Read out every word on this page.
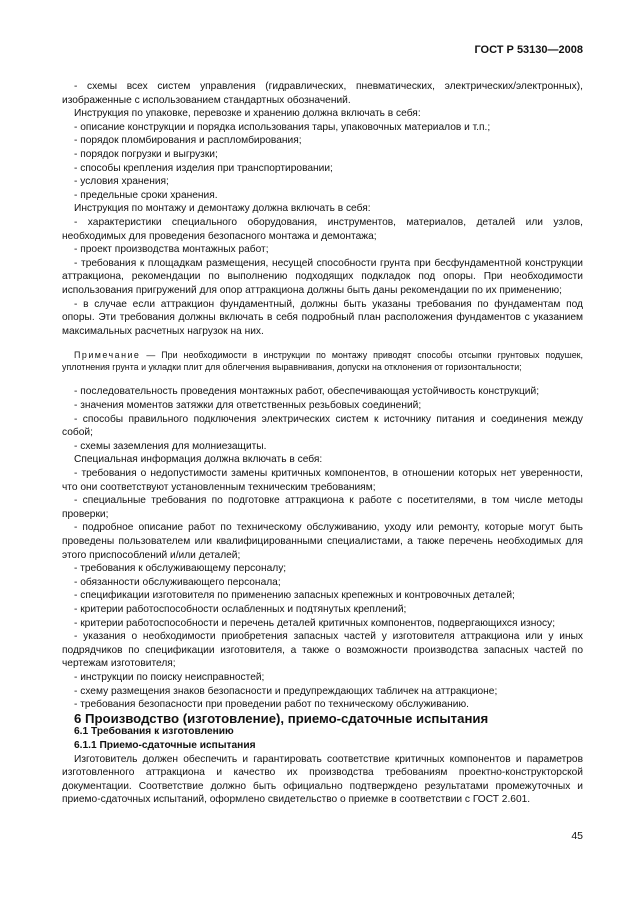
ГОСТ Р 53130—2008

- схемы всех систем управления (гидравлических, пневматических, электрических/электронных), изображенные с использованием стандартных обозначений.

Инструкция по упаковке, перевозке и хранению должна включать в себя:

- описание конструкции и порядка использования тары, упаковочных материалов и т.п.;

- порядок пломбирования и распломбирования;

- порядок погрузки и выгрузки;

- способы крепления изделия при транспортировании;

- условия хранения;

- предельные сроки хранения.

Инструкция по монтажу и демонтажу должна включать в себя:

- характеристики специального оборудования, инструментов, материалов, деталей или узлов, необходимых для проведения безопасного монтажа и демонтажа;

- проект производства монтажных работ;

- требования к площадкам размещения, несущей способности грунта при бесфундаментной конструкции аттракциона, рекомендации по выполнению подходящих подкладок под опоры. При необходимости использования пригружений для опор аттракциона должны быть даны рекомендации по их применению;

- в случае если аттракцион фундаментный, должны быть указаны требования по фундаментам под опоры. Эти требования должны включать в себя подробный план расположения фундаментов с указанием максимальных расчетных нагрузок на них.

Примечание — При необходимости в инструкции по монтажу приводят способы отсыпки грунтовых подушек, уплотнения грунта и укладки плит для облегчения выравнивания, допуски на отклонения от горизонтальности;

- последовательность проведения монтажных работ, обеспечивающая устойчивость конструкций;

- значения моментов затяжки для ответственных резьбовых соединений;

- способы правильного подключения электрических систем к источнику питания и соединения между собой;

- схемы заземления для молниезащиты.

Специальная информация должна включать в себя:

- требования о недопустимости замены критичных компонентов, в отношении которых нет уверенности, что они соответствуют установленным техническим требованиям;

- специальные требования по подготовке аттракциона к работе с посетителями, в том числе методы проверки;

- подробное описание работ по техническому обслуживанию, уходу или ремонту, которые могут быть проведены пользователем или квалифицированными специалистами, а также перечень необходимых для этого приспособлений и/или деталей;

- требования к обслуживающему персоналу;

- обязанности обслуживающего персонала;

- спецификации изготовителя по применению запасных крепежных и контровочных деталей;

- критерии работоспособности ослабленных и подтянутых креплений;

- критерии работоспособности и перечень деталей критичных компонентов, подвергающихся износу;

- указания о необходимости приобретения запасных частей у изготовителя аттракциона или у иных подрядчиков по спецификации изготовителя, а также о возможности производства запасных частей по чертежам изготовителя;

- инструкции по поиску неисправностей;

- схему размещения знаков безопасности и предупреждающих табличек на аттракционе;

- требования безопасности при проведении работ по техническому обслуживанию.

6 Производство (изготовление), приемо-сдаточные испытания

6.1 Требования к изготовлению

6.1.1 Приемо-сдаточные испытания

Изготовитель должен обеспечить и гарантировать соответствие критичных компонентов и параметров изготовленного аттракциона и качество их производства требованиям проектно-конструкторской документации. Соответствие должно быть официально подтверждено результатами промежуточных и приемо-сдаточных испытаний, оформлено свидетельство о приемке в соответствии с ГОСТ 2.601.

45
